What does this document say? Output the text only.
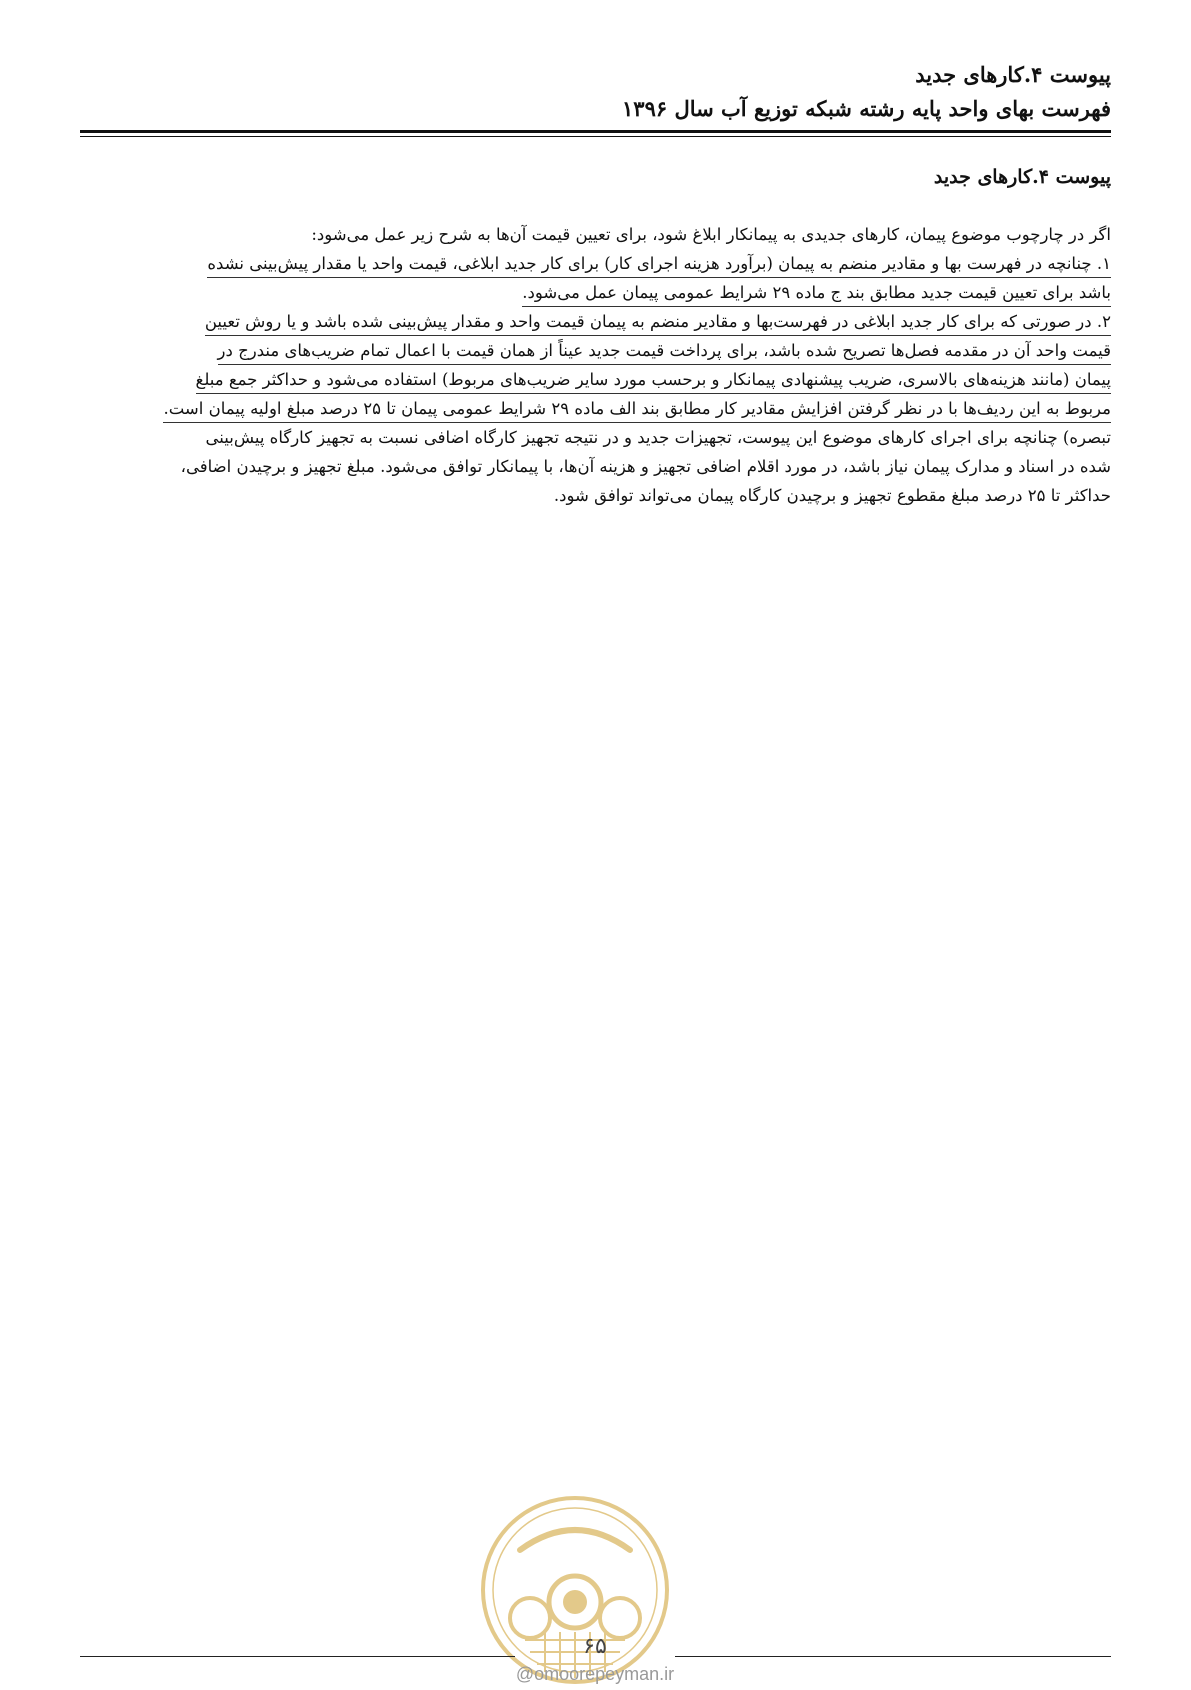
پیوست ۴.کارهای جدید
فهرست بهای واحد پایه رشته شبکه توزیع آب سال ۱۳۹۶
پیوست ۴.کارهای جدید
اگر در چارچوب موضوع پیمان، کارهای جدیدی به پیمانکار ابلاغ شود، برای تعیین قیمت آن‌ها به شرح زیر عمل می‌شود:
۱. چنانچه در فهرست بها و مقادیر منضم به پیمان (برآورد هزینه اجرای کار) برای کار جدید ابلاغی، قیمت واحد یا مقدار پیش‌بینی نشده
باشد برای تعیین قیمت جدید مطابق بند ج ماده ۲۹ شرایط عمومی پیمان عمل می‌شود.
۲. در صورتی که برای کار جدید ابلاغی در فهرست‌بها و مقادیر منضم به پیمان قیمت واحد و مقدار پیش‌بینی شده باشد و یا روش تعیین
قیمت واحد آن در مقدمه فصل‌ها تصریح شده باشد، برای پرداخت قیمت جدید عیناً از همان قیمت با اعمال تمام ضریب‌های مندرج در
پیمان (مانند هزینه‌های بالاسری، ضریب پیشنهادی پیمانکار و برحسب مورد سایر ضریب‌های مربوط) استفاده می‌شود و حداکثر جمع مبلغ
مربوط به این ردیف‌ها با در نظر گرفتن افزایش مقادیر کار مطابق بند الف ماده ۲۹ شرایط عمومی پیمان تا ۲۵ درصد مبلغ اولیه پیمان است.
تبصره) چنانچه برای اجرای کارهای موضوع این پیوست، تجهیزات جدید و در نتیجه تجهیز کارگاه اضافی نسبت به تجهیز کارگاه پیش‌بینی
شده در اسناد و مدارک پیمان نیاز باشد، در مورد اقلام اضافی تجهیز و هزینه آن‌ها، با پیمانکار توافق می‌شود. مبلغ تجهیز و برچیدن اضافی،
حداکثر تا ۲۵ درصد مبلغ مقطوع تجهیز و برچیدن کارگاه پیمان می‌تواند توافق شود.
۶۵
@omoorepeyman.ir
